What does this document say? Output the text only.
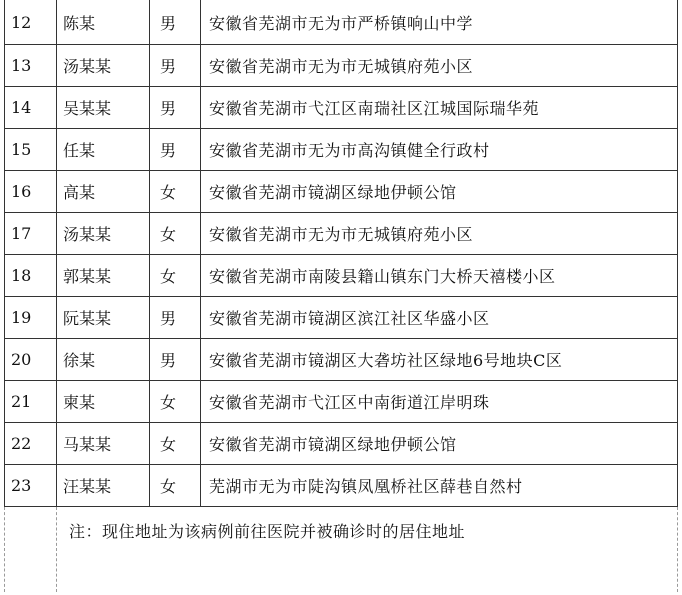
12	陈某	男	安徽省芜湖市无为市严桥镇响山中学
13	汤某某	男	安徽省芜湖市无为市无城镇府苑小区
14	吴某某	男	安徽省芜湖市弋江区南瑞社区江城国际瑞华苑
15	任某	男	安徽省芜湖市无为市高沟镇健全行政村
16	高某	女	安徽省芜湖市镜湖区绿地伊顿公馆
17	汤某某	女	安徽省芜湖市无为市无城镇府苑小区
18	郭某某	女	安徽省芜湖市南陵县籍山镇东门大桥天禧楼小区
19	阮某某	男	安徽省芜湖市镜湖区滨江社区华盛小区
20	徐某	男	安徽省芜湖市镜湖区大砻坊社区绿地6号地块C区
21	柬某	女	安徽省芜湖市弋江区中南街道江岸明珠
22	马某某	女	安徽省芜湖市镜湖区绿地伊顿公馆
23	汪某某	女	芜湖市无为市陡沟镇凤凰桥社区薛巷自然村
注：现住地址为该病例前往医院并被确诊时的居住地址
